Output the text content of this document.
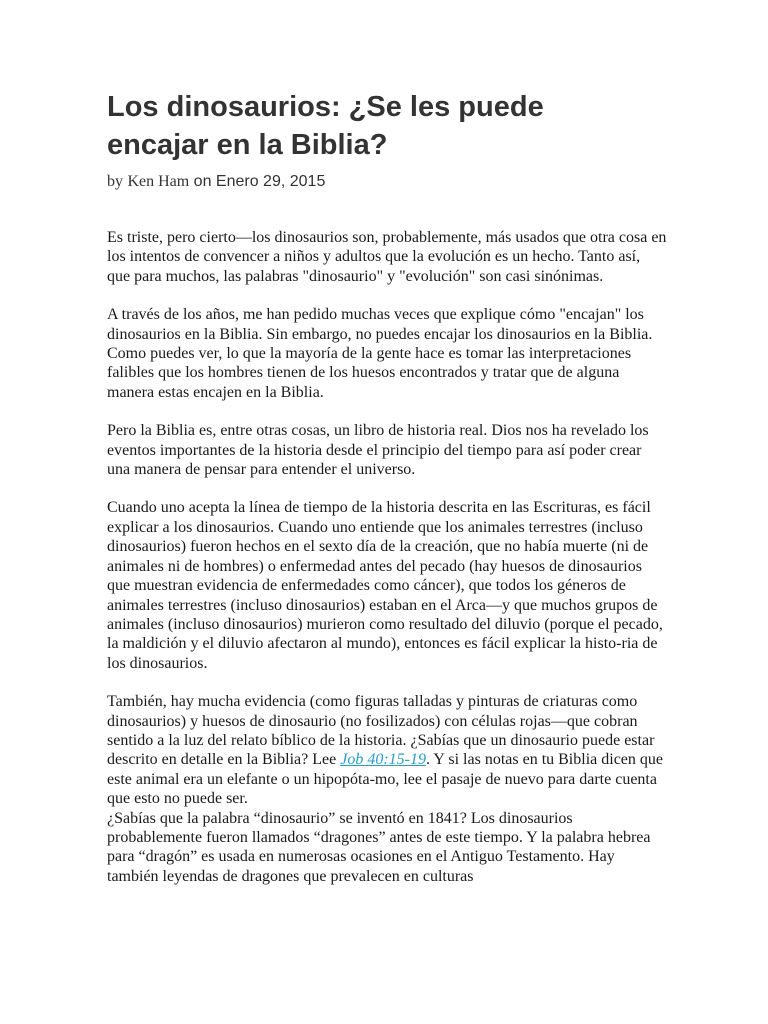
Los dinosaurios: ¿Se les puede
encajar en la Biblia?
by Ken Ham on Enero 29, 2015

Es triste, pero cierto—los dinosaurios son, probablemente, más usados que otra cosa en los intentos de convencer a niños y adultos que la evolución es un hecho. Tanto así, que para muchos, las palabras "dinosaurio" y "evolución" son casi sinónimas.

A través de los años, me han pedido muchas veces que explique cómo "encajan" los dinosaurios en la Biblia. Sin embargo, no puedes encajar los dinosaurios en la Biblia. Como puedes ver, lo que la mayoría de la gente hace es tomar las interpretaciones falibles que los hombres tienen de los huesos encontrados y tratar que de alguna manera estas encajen en la Biblia.

Pero la Biblia es, entre otras cosas, un libro de historia real. Dios nos ha revelado los eventos importantes de la historia desde el principio del tiempo para así poder crear una manera de pensar para entender el universo.

Cuando uno acepta la línea de tiempo de la historia descrita en las Escrituras, es fácil explicar a los dinosaurios. Cuando uno entiende que los animales terrestres (incluso dinosaurios) fueron hechos en el sexto día de la creación, que no había muerte (ni de animales ni de hombres) o enfermedad antes del pecado (hay huesos de dinosaurios que muestran evidencia de enfermedades como cáncer), que todos los géneros de animales terrestres (incluso dinosaurios) estaban en el Arca—y que muchos grupos de animales (incluso dinosaurios) murieron como resultado del diluvio (porque el pecado, la maldición y el diluvio afectaron al mundo), entonces es fácil explicar la histo-ria de los dinosaurios.

También, hay mucha evidencia (como figuras talladas y pinturas de criaturas como dinosaurios) y huesos de dinosaurio (no fosilizados) con células rojas—que cobran sentido a la luz del relato bíblico de la historia. ¿Sabías que un dinosaurio puede estar descrito en detalle en la Biblia? Lee Job 40:15-19. Y si las notas en tu Biblia dicen que este animal era un elefante o un hipopóta-mo, lee el pasaje de nuevo para darte cuenta que esto no puede ser.

¿Sabías que la palabra “dinosaurio” se inventó en 1841? Los dinosaurios probablemente fueron llamados “dragones” antes de este tiempo. Y la palabra hebrea para “dragón” es usada en numerosas ocasiones en el Antiguo Testamento. Hay también leyendas de dragones que prevalecen en culturas
